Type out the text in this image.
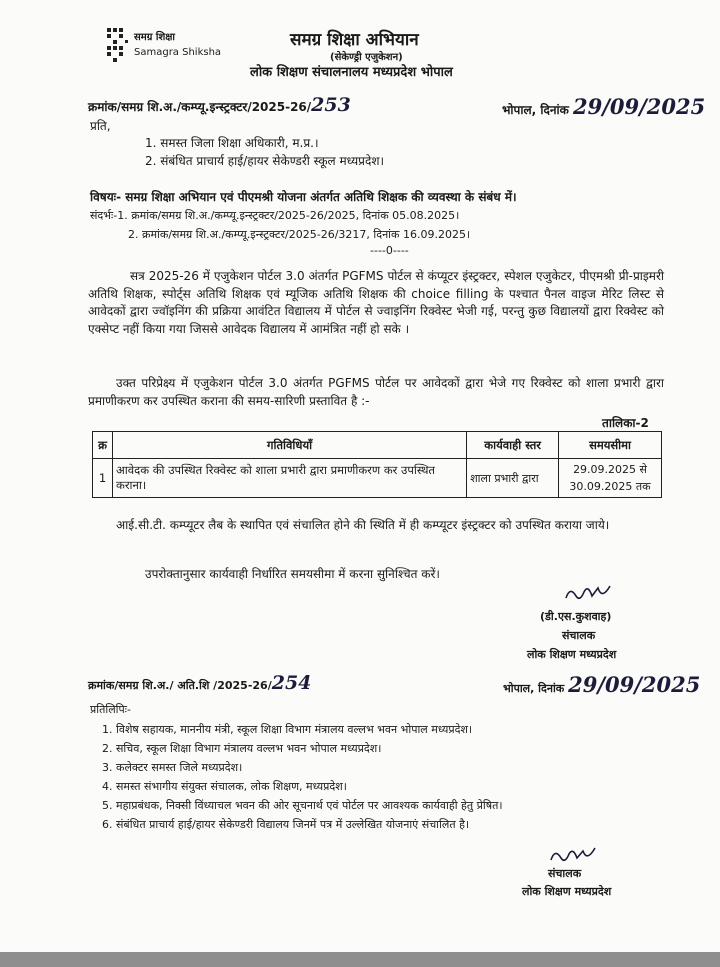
समग्र शिक्षा
Samagra Shiksha
समग्र शिक्षा अभियान
(सेकेण्ड्री एजुकेशन)
लोक शिक्षण संचालनालय मध्यप्रदेश भोपाल
क्रमांक/समग्र शि.अ./कम्प्यू.इन्स्ट्रक्टर/2025-26/253	भोपाल, दिनांक 29/09/2025
प्रति,
1. समस्त जिला शिक्षा अधिकारी, म.प्र.।
2. संबंधित प्राचार्य हाई/हायर सेकेण्डरी स्कूल मध्यप्रदेश।
विषयः- समग्र शिक्षा अभियान एवं पीएमश्री योजना अंतर्गत अतिथि शिक्षक की व्यवस्था के संबंध में।
संदर्भः-1. क्रमांक/समग्र शि.अ./कम्प्यू.इन्स्ट्रक्टर/2025-26/2025, दिनांक 05.08.2025।
2. क्रमांक/समग्र शि.अ./कम्प्यू.इन्स्ट्रक्टर/2025-26/3217, दिनांक 16.09.2025।
----0----
सत्र 2025-26 में एजुकेशन पोर्टल 3.0 अंतर्गत PGFMS पोर्टल से कंप्यूटर इंस्ट्रक्टर, स्पेशल एजुकेटर, पीएमश्री प्री-प्राइमरी अतिथि शिक्षक, स्पोर्ट्स अतिथि शिक्षक एवं म्यूजिक अतिथि शिक्षक की choice filling के पश्चात पैनल वाइज मेरिट लिस्ट से आवेदकों द्वारा ज्वॉइनिंग की प्रक्रिया आवंटित विद्यालय में पोर्टल से ज्वाइनिंग रिक्वेस्ट भेजी गई, परन्तु कुछ विद्यालयों द्वारा रिक्वेस्ट को एक्सेप्ट नहीं किया गया जिससे आवेदक विद्यालय में आमंत्रित नहीं हो सके ।
उक्त परिप्रेक्ष्य में एजुकेशन पोर्टल 3.0 अंतर्गत PGFMS पोर्टल पर आवेदकों द्वारा भेजे गए रिक्वेस्ट को शाला प्रभारी द्वारा प्रमाणीकरण कर उपस्थित कराना की समय-सारिणी प्रस्तावित है :-
तालिका-2
क्र	गतिविधियाँ	कार्यवाही स्तर	समयसीमा
1	आवेदक की उपस्थित रिक्वेस्ट को शाला प्रभारी द्वारा प्रमाणीकरण कर उपस्थित कराना।	शाला प्रभारी द्वारा	29.09.2025 से
30.09.2025 तक
आई.सी.टी. कम्प्यूटर लैब के स्थापित एवं संचालित होने की स्थिति में ही कम्प्यूटर इंस्ट्रक्टर को उपस्थित कराया जाये।
उपरोक्तानुसार कार्यवाही निर्धारित समयसीमा में करना सुनिश्चित करें।
(डी.एस.कुशवाह)
संचालक
लोक शिक्षण मध्यप्रदेश
क्रमांक/समग्र शि.अ./ अति.शि /2025-26/254	भोपाल, दिनांक 29/09/2025
प्रतिलिपिः-
1. विशेष सहायक, माननीय मंत्री, स्कूल शिक्षा विभाग मंत्रालय वल्लभ भवन भोपाल मध्यप्रदेश।
2. सचिव, स्कूल शिक्षा विभाग मंत्रालय वल्लभ भवन भोपाल मध्यप्रदेश।
3. कलेक्टर समस्त जिले मध्यप्रदेश।
4. समस्त संभागीय संयुक्त संचालक, लोक शिक्षण, मध्यप्रदेश।
5. महाप्रबंधक, निक्सी विंध्याचल भवन की ओर सूचनार्थ एवं पोर्टल पर आवश्यक कार्यवाही हेतु प्रेषित।
6. संबंधित प्राचार्य हाई/हायर सेकेण्डरी विद्यालय जिनमें पत्र में उल्लेखित योजनाएं संचालित है।
संचालक
लोक शिक्षण मध्यप्रदेश
